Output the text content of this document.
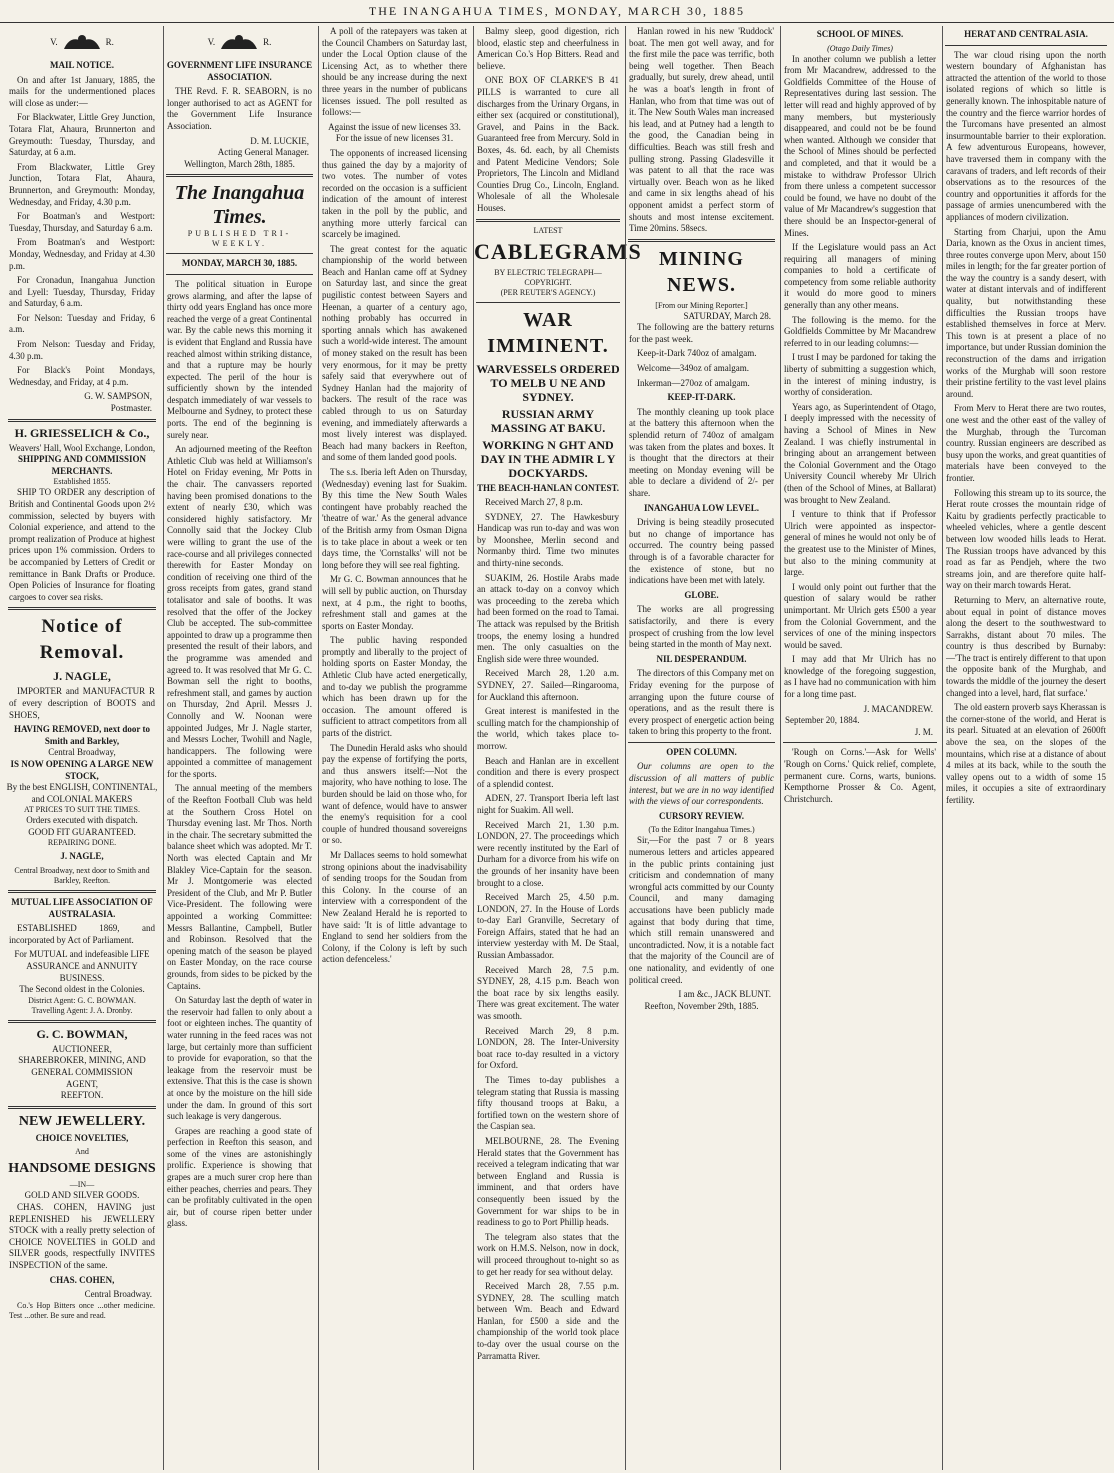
THE INANGAHUA TIMES, MONDAY, MARCH 30, 1885
V.	R.
MAIL NOTICE.

On and after 1st January, 1885, the mails for the undermentioned places will close as under:—

For Blackwater, Little Grey Junction, Totara Flat, Ahaura, Brunnerton and Greymouth: Tuesday, Thursday, and Saturday, at 6 a.m.

From Blackwater, Little Grey Junction, Totara Flat, Ahaura, Brunnerton, and Greymouth: Monday, Wednesday, and Friday, 4.30 p.m.

For Boatman's and Westport: Tuesday, Thursday, and Saturday 6 a.m.

From Boatman's and Westport: Monday, Wednesday, and Friday at 4.30 p.m.

For Cronadun, Inangahua Junction and Lyell: Tuesday, Thursday, Friday and Saturday, 6 a.m.

For Nelson: Tuesday and Friday, 6 a.m.

From Nelson: Tuesday and Friday, 4.30 p.m.

For Black's Point Mondays, Wednesday, and Friday, at 4 p.m.

G. W. SAMPSON,
Postmaster.
H. GRIESSELICH & Co.,
Weavers' Hall, Wool Exchange, London,
SHIPPING AND COMMISSION MERCHANTS.
Established 1855.

SHIP TO ORDER any description of British and Continental Goods upon 2½ commission, selected by buyers with Colonial experience, and attend to the prompt realization of Produce at highest prices upon 1% commission. Orders to be accompanied by Letters of Credit or remittance in Bank Drafts or Produce. Open Policies of Insurance for floating cargoes to cover sea risks.

Notice of Removal.
J. NAGLE,

IMPORTER and MANUFACTUR R of every description of BOOTS and SHOES,

HAVING REMOVED, next door to Smith and Barkley,
Central Broadway,
IS NOW OPENING A LARGE NEW STOCK,
By the best ENGLISH, CONTINENTAL, and COLONIAL MAKERS
AT PRICES TO SUIT THE TIMES.
Orders executed with dispatch.
GOOD FIT GUARANTEED.
REPAIRING DONE.
J. NAGLE,
Central Broadway, next door to Smith and Barkley, Reefton.
MUTUAL LIFE ASSOCIATION OF AUSTRALASIA.

ESTABLISHED 1869, and incorporated by Act of Parliament.

For MUTUAL and indefeasible LIFE ASSURANCE and ANNUITY BUSINESS.
The Second oldest in the Colonies.
District Agent: G. C. BOWMAN.
Travelling Agent: J. A. Dronby.
G. C. BOWMAN,
AUCTIONEER,
SHAREBROKER, MINING, AND
GENERAL COMMISSION
AGENT,
REEFTON.
NEW JEWELLERY.
CHOICE NOVELTIES,
And
HANDSOME DESIGNS
—IN—
GOLD AND SILVER GOODS.

CHAS. COHEN, HAVING just REPLENISHED his JEWELLERY STOCK with a really pretty selection of CHOICE NOVELTIES in GOLD and SILVER goods, respectfully INVITES INSPECTION of the same.

CHAS. COHEN,
Central Broadway.

Co.'s Hop Bitters once ...other medicine. Test ...other. Be sure and read.

V.	R.
GOVERNMENT LIFE INSURANCE ASSOCIATION.

THE Revd. F. R. SEABORN, is no longer authorised to act as AGENT for the Government Life Insurance Association.

D. M. LUCKIE,
Acting General Manager.
Wellington, March 28th, 1885.
The Inangahua Times.
PUBLISHED TRI-WEEKLY.
MONDAY, MARCH 30, 1885.

The political situation in Europe grows alarming, and after the lapse of thirty odd years England has once more reached the verge of a great Continental war. By the cable news this morning it is evident that England and Russia have reached almost within striking distance, and that a rupture may be hourly expected. The peril of the hour is sufficiently shown by the intended despatch immediately of war vessels to Melbourne and Sydney, to protect these ports. The end of the beginning is surely near.

An adjourned meeting of the Reefton Athletic Club was held at Williamson's Hotel on Friday evening, Mr Potts in the chair. The canvassers reported having been promised donations to the extent of nearly £30, which was considered highly satisfactory. Mr Connolly said that the Jockey Club were willing to grant the use of the race-course and all privileges connected therewith for Easter Monday on condition of receiving one third of the gross receipts from gates, grand stand totalisator and sale of booths. It was resolved that the offer of the Jockey Club be accepted. The sub-committee appointed to draw up a programme then presented the result of their labors, and the programme was amended and agreed to. It was resolved that Mr G. C. Bowman sell the right to booths, refreshment stall, and games by auction on Thursday, 2nd April. Messrs J. Connolly and W. Noonan were appointed Judges, Mr J. Nagle starter, and Messrs Locher, Twohill and Nagle, handicappers. The following were appointed a committee of management for the sports.

The annual meeting of the members of the Reefton Football Club was held at the Southern Cross Hotel on Thursday evening last. Mr Thos. North in the chair. The secretary submitted the balance sheet which was adopted. Mr T. North was elected Captain and Mr Blakley Vice-Captain for the season. Mr J. Montgomerie was elected President of the Club, and Mr P. Butler Vice-President. The following were appointed a working Committee: Messrs Ballantine, Campbell, Butler and Robinson. Resolved that the opening match of the season be played on Easter Monday, on the race course grounds, from sides to be picked by the Captains.

On Saturday last the depth of water in the reservoir had fallen to only about a foot or eighteen inches. The quantity of water running in the feed races was not large, but certainly more than sufficient to provide for evaporation, so that the leakage from the reservoir must be extensive. That this is the case is shown at once by the moisture on the hill side under the dam. In ground of this sort such leakage is very dangerous.

Grapes are reaching a good state of perfection in Reefton this season, and some of the vines are astonishingly prolific. Experience is showing that grapes are a much surer crop here than either peaches, cherries and pears. They can be profitably cultivated in the open air, but of course ripen better under glass.

A poll of the ratepayers was taken at the Council Chambers on Saturday last, under the Local Option clause of the Licensing Act, as to whether there should be any increase during the next three years in the number of publicans licenses issued. The poll resulted as follows:—

Against the issue of new licenses 33. For the issue of new licenses 31.

The opponents of increased licensing thus gained the day by a majority of two votes. The number of votes recorded on the occasion is a sufficient indication of the amount of interest taken in the poll by the public, and anything more utterly farcical can scarcely be imagined.

The great contest for the aquatic championship of the world between Beach and Hanlan came off at Sydney on Saturday last, and since the great pugilistic contest between Sayers and Heenan, a quarter of a century ago, nothing probably has occurred in sporting annals which has awakened such a world-wide interest. The amount of money staked on the result has been very enormous, for it may be pretty safely said that everywhere out of Sydney Hanlan had the majority of backers. The result of the race was cabled through to us on Saturday evening, and immediately afterwards a most lively interest was displayed. Beach had many backers in Reefton, and some of them landed good pools.

The s.s. Iberia left Aden on Thursday, (Wednesday) evening last for Suakim. By this time the New South Wales contingent have probably reached the 'theatre of war.' As the general advance of the British army from Osman Digna is to take place in about a week or ten days time, the 'Cornstalks' will not be long before they will see real fighting.

Mr G. C. Bowman announces that he will sell by public auction, on Thursday next, at 4 p.m., the right to booths, refreshment stall and games at the sports on Easter Monday.

The public having responded promptly and liberally to the project of holding sports on Easter Monday, the Athletic Club have acted energetically, and to-day we publish the programme which has been drawn up for the occasion. The amount offered is sufficient to attract competitors from all parts of the district.

The Dunedin Herald asks who should pay the expense of fortifying the ports, and thus answers itself:—Not the majority, who have nothing to lose. The burden should be laid on those who, for want of defence, would have to answer the enemy's requisition for a cool couple of hundred thousand sovereigns or so.

Mr Dallaces seems to hold somewhat strong opinions about the inadvisability of sending troops for the Soudan from this Colony. In the course of an interview with a correspondent of the New Zealand Herald he is reported to have said: 'It is of little advantage to England to send her soldiers from the Colony, if the Colony is left by such action defenceless.'

Balmy sleep, good digestion, rich blood, elastic step and cheerfulness in American Co.'s Hop Bitters. Read and believe.

ONE BOX OF CLARKE'S B 41 PILLS is warranted to cure all discharges from the Urinary Organs, in either sex (acquired or constitutional), Gravel, and Pains in the Back. Guaranteed free from Mercury. Sold in Boxes, 4s. 6d. each, by all Chemists and Patent Medicine Vendors; Sole Proprietors, The Lincoln and Midland Counties Drug Co., Lincoln, England. Wholesale of all the Wholesale Houses.

LATEST
CABLEGRAMS
BY ELECTRIC TELEGRAPH—COPYRIGHT.
(PER REUTER'S AGENCY.)
WAR IMMINENT.
WARVESSELS ORDERED TO MELB U NE AND SYDNEY.
RUSSIAN ARMY MASSING AT BAKU.
WORKING N GHT AND DAY IN THE ADMIR L Y DOCKYARDS.
THE BEACH-HANLAN CONTEST.

Received March 27, 8 p.m.

SYDNEY, 27. The Hawkesbury Handicap was run to-day and was won by Moonshee, Merlin second and Normanby third. Time two minutes and thirty-nine seconds.

SUAKIM, 26. Hostile Arabs made an attack to-day on a convoy which was proceeding to the zereba which had been formed on the road to Tamai. The attack was repulsed by the British troops, the enemy losing a hundred men. The only casualties on the English side were three wounded.

Received March 28, 1.20 a.m. SYDNEY, 27. Sailed—Ringarooma, for Auckland this afternoon.

Great interest is manifested in the sculling match for the championship of the world, which takes place to-morrow.

Beach and Hanlan are in excellent condition and there is every prospect of a splendid contest.

ADEN, 27. Transport Iberia left last night for Suakim. All well.

Received March 21, 1.30 p.m. LONDON, 27. The proceedings which were recently instituted by the Earl of Durham for a divorce from his wife on the grounds of her insanity have been brought to a close.

Received March 25, 4.50 p.m. LONDON, 27. In the House of Lords to-day Earl Granville, Secretary of Foreign Affairs, stated that he had an interview yesterday with M. De Staal, Russian Ambassador.

Received March 28, 7.5 p.m. SYDNEY, 28, 4.15 p.m. Beach won the boat race by six lengths easily. There was great excitement. The water was smooth.

Received March 29, 8 p.m. LONDON, 28. The Inter-University boat race to-day resulted in a victory for Oxford.

The Times to-day publishes a telegram stating that Russia is massing fifty thousand troops at Baku, a fortified town on the western shore of the Caspian sea.

MELBOURNE, 28. The Evening Herald states that the Government has received a telegram indicating that war between England and Russia is imminent, and that orders have consequently been issued by the Government for war ships to be in readiness to go to Port Phillip heads.

The telegram also states that the work on H.M.S. Nelson, now in dock, will proceed throughout to-night so as to get her ready for sea without delay.

Received March 28, 7.55 p.m. SYDNEY, 28. The sculling match between Wm. Beach and Edward Hanlan, for £500 a side and the championship of the world took place to-day over the usual course on the Parramatta River.

Hanlan rowed in his new 'Ruddock' boat. The men got well away, and for the first mile the pace was terrific, both being well together. Then Beach gradually, but surely, drew ahead, until he was a boat's length in front of Hanlan, who from that time was out of it. The New South Wales man increased his lead, and at Putney had a length to the good, the Canadian being in difficulties. Beach was still fresh and pulling strong. Passing Gladesville it was patent to all that the race was virtually over. Beach won as he liked and came in six lengths ahead of his opponent amidst a perfect storm of shouts and most intense excitement. Time 20mins. 58secs.

MINING NEWS.
[From our Mining Reporter.]
SATURDAY, March 28.

The following are the battery returns for the past week.

Keep-it-Dark 740oz of amalgam.

Welcome—349oz of amalgam.

Inkerman—270oz of amalgam.

KEEP-IT-DARK.

The monthly cleaning up took place at the battery this afternoon when the splendid return of 740oz of amalgam was taken from the plates and boxes. It is thought that the directors at their meeting on Monday evening will be able to declare a dividend of 2/- per share.

INANGAHUA LOW LEVEL.

Driving is being steadily prosecuted but no change of importance has occurred. The country being passed through is of a favorable character for the existence of stone, but no indications have been met with lately.

GLOBE.

The works are all progressing satisfactorily, and there is every prospect of crushing from the low level being started in the month of May next.

NIL DESPERANDUM.

The directors of this Company met on Friday evening for the purpose of arranging upon the future course of operations, and as the result there is every prospect of energetic action being taken to bring this property to the front.

OPEN COLUMN.

Our columns are open to the discussion of all matters of public interest, but we are in no way identified with the views of our correspondents.

CURSORY REVIEW.
(To the Editor Inangahua Times.)

Sir,—For the past 7 or 8 years numerous letters and articles appeared in the public prints containing just criticism and condemnation of many wrongful acts committed by our County Council, and many damaging accusations have been publicly made against that body during that time, which still remain unanswered and uncontradicted. Now, it is a notable fact that the majority of the Council are of one nationality, and evidently of one political creed.

I am &c., JACK BLUNT.
Reefton, November 29th, 1885.
SCHOOL OF MINES.
(Otago Daily Times)

In another column we publish a letter from Mr Macandrew, addressed to the Goldfields Committee of the House of Representatives during last session. The letter will read and highly approved of by many members, but mysteriously disappeared, and could not be be found when wanted. Although we consider that the School of Mines should be perfected and completed, and that it would be a mistake to withdraw Professor Ulrich from there unless a competent successor could be found, we have no doubt of the value of Mr Macandrew's suggestion that there should be an Inspector-general of Mines.

If the Legislature would pass an Act requiring all managers of mining companies to hold a certificate of competency from some reliable authority it would do more good to miners generally than any other means.

The following is the memo. for the Goldfields Committee by Mr Macandrew referred to in our leading columns:—

I trust I may be pardoned for taking the liberty of submitting a suggestion which, in the interest of mining industry, is worthy of consideration.

Years ago, as Superintendent of Otago, I deeply impressed with the necessity of having a School of Mines in New Zealand. I was chiefly instrumental in bringing about an arrangement between the Colonial Government and the Otago University Council whereby Mr Ulrich (then of the School of Mines, at Ballarat) was brought to New Zealand.

I venture to think that if Professor Ulrich were appointed as inspector-general of mines he would not only be of the greatest use to the Minister of Mines, but also to the mining community at large.

I would only point out further that the question of salary would be rather unimportant. Mr Ulrich gets £500 a year from the Colonial Government, and the services of one of the mining inspectors would be saved.

I may add that Mr Ulrich has no knowledge of the foregoing suggestion, as I have had no communication with him for a long time past.

J. MACANDREW.
September 20, 1884.
J. M.

'Rough on Corns.'—Ask for Wells' 'Rough on Corns.' Quick relief, complete, permanent cure. Corns, warts, bunions. Kempthorne Prosser & Co. Agent, Christchurch.

HERAT AND CENTRAL ASIA.

The war cloud rising upon the north western boundary of Afghanistan has attracted the attention of the world to those isolated regions of which so little is generally known. The inhospitable nature of the country and the fierce warrior hordes of the Turcomans have presented an almost insurmountable barrier to their exploration. A few adventurous Europeans, however, have traversed them in company with the caravans of traders, and left records of their observations as to the resources of the country and opportunities it affords for the passage of armies unencumbered with the appliances of modern civilization.

Starting from Charjui, upon the Amu Daria, known as the Oxus in ancient times, three routes converge upon Merv, about 150 miles in length; for the far greater portion of the way the country is a sandy desert, with water at distant intervals and of indifferent quality, but notwithstanding these difficulties the Russian troops have established themselves in force at Merv. This town is at present a place of no importance, but under Russian dominion the reconstruction of the dams and irrigation works of the Murghab will soon restore their pristine fertility to the vast level plains around.

From Merv to Herat there are two routes, one west and the other east of the valley of the Murghab, through the Turcoman country. Russian engineers are described as busy upon the works, and great quantities of materials have been conveyed to the frontier.

Following this stream up to its source, the Herat route crosses the mountain ridge of Kaitu by gradients perfectly practicable to wheeled vehicles, where a gentle descent between low wooded hills leads to Herat. The Russian troops have advanced by this road as far as Pendjeh, where the two streams join, and are therefore quite half-way on their march towards Herat.

Returning to Merv, an alternative route, about equal in point of distance moves along the desert to the southwestward to Sarrakhs, distant about 70 miles. The country is thus described by Burnaby:—'The tract is entirely different to that upon the opposite bank of the Murghab, and towards the middle of the journey the desert changed into a level, hard, flat surface.'

The old eastern proverb says Kherassan is the corner-stone of the world, and Herat is its pearl. Situated at an elevation of 2600ft above the sea, on the slopes of the mountains, which rise at a distance of about 4 miles at its back, while to the south the valley opens out to a width of some 15 miles, it occupies a site of extraordinary fertility.
